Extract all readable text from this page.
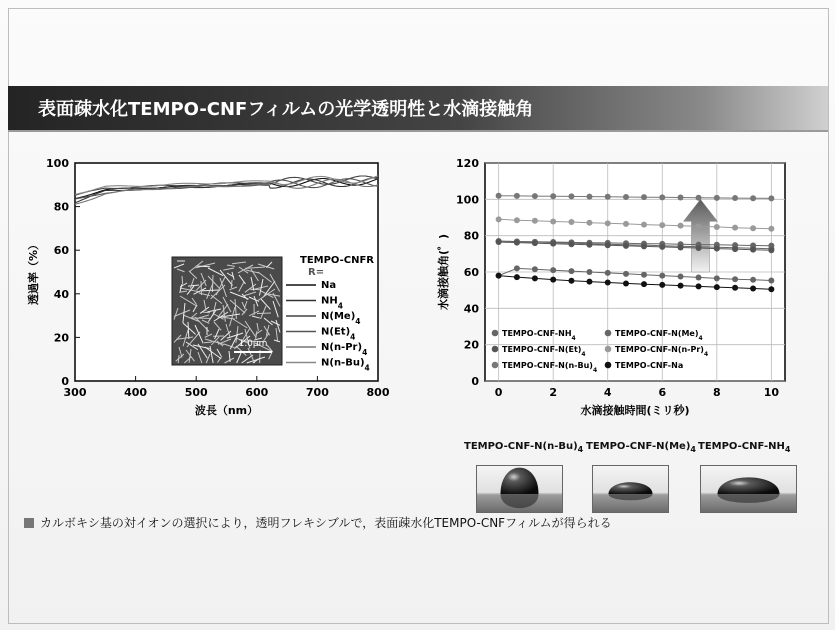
表面疎水化TEMPO-CNFフィルムの光学透明性と水滴接触角
300	400	500	600	700	800
0
20
40
60
80
100
波長（nm）
透過率（%）
1.0μm
TEMPO-CNFR
R=
Na
$NH_4$
$N(Me)_4$
$N(Et)_4$
$N(n-Pr)_4$
$N(n-Bu)_4$
0
20
40
60
80
100
120
0	2	4	6	8	10
水滴接触時間(ミリ秒)
水滴接触角(゜)
TEMPO-$CNF-NH_4$	TEMPO-$CNF-N(Me)_4$
TEMPO-$CNF-N(Et)_4$	TEMPO-$CNF-N(n-Pr)_4$
TEMPO-$CNF-N(n-Bu)_4$ TEMPO-CNF-Na
TEMPO-$CNF-N(n-Bu)_4$ TEMPO-$CNF-N(Me)_4$ TEMPO-$CNF-NH_4$
カルボキシ基の対イオンの選択により，透明フレキシブルで，表面疎水化TEMPO-CNFフィルムが得られる
